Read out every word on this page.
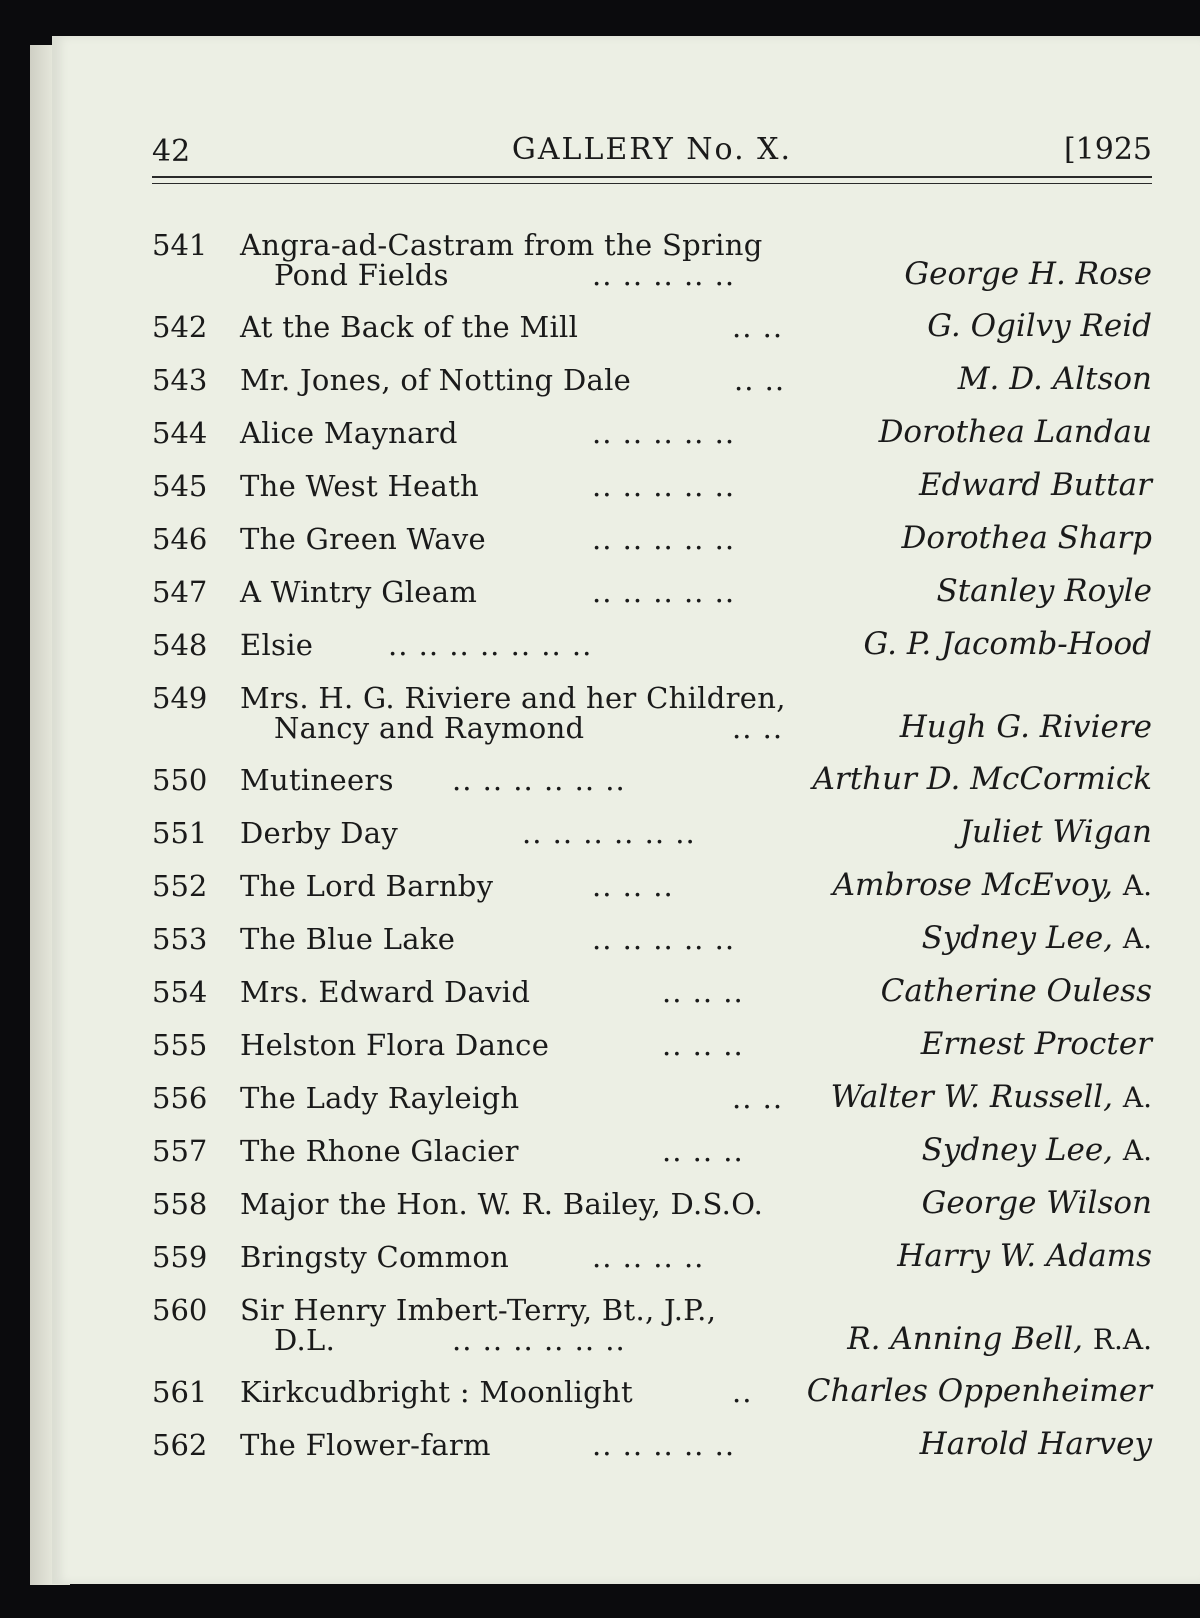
42	GALLERY No. X.	[1925
541 Angra-ad-Castram from the Spring
Pond Fields	.. .. .. .. ..	George H. Rose
542 At the Back of the Mill	.. ..	G. Ogilvy Reid
543 Mr. Jones, of Notting Dale	.. ..	M. D. Altson
544 Alice Maynard	.. .. .. .. ..	Dorothea Landau
545 The West Heath	.. .. .. .. ..	Edward Buttar
546 The Green Wave	.. .. .. .. ..	Dorothea Sharp
547 A Wintry Gleam	.. .. .. .. ..	Stanley Royle
548 Elsie	.. .. .. .. .. .. ..	G. P. Jacomb-Hood
549 Mrs. H. G. Riviere and her Children,
Nancy and Raymond	.. ..	Hugh G. Riviere
550 Mutineers .. .. .. .. .. ..	Arthur D. McCormick
551 Derby Day	.. .. .. .. .. ..	Juliet Wigan
552 The Lord Barnby	.. .. ..	Ambrose McEvoy, A.
553 The Blue Lake	.. .. .. .. ..	Sydney Lee, A.
554 Mrs. Edward David	.. .. ..	Catherine Ouless
555 Helston Flora Dance	.. .. ..	Ernest Procter
556 The Lady Rayleigh	.. .. Walter W. Russell, A.
557 The Rhone Glacier	.. .. ..	Sydney Lee, A.
558 Major the Hon. W. R. Bailey, D.S.O.	George Wilson
559 Bringsty Common	.. .. .. ..	Harry W. Adams
560 Sir Henry Imbert-Terry, Bt., J.P.,
D.L.	.. .. .. .. .. ..	R. Anning Bell, R.A.
561 Kirkcudbright : Moonlight	.. Charles Oppenheimer
562 The Flower-farm	.. .. .. .. ..	Harold Harvey
